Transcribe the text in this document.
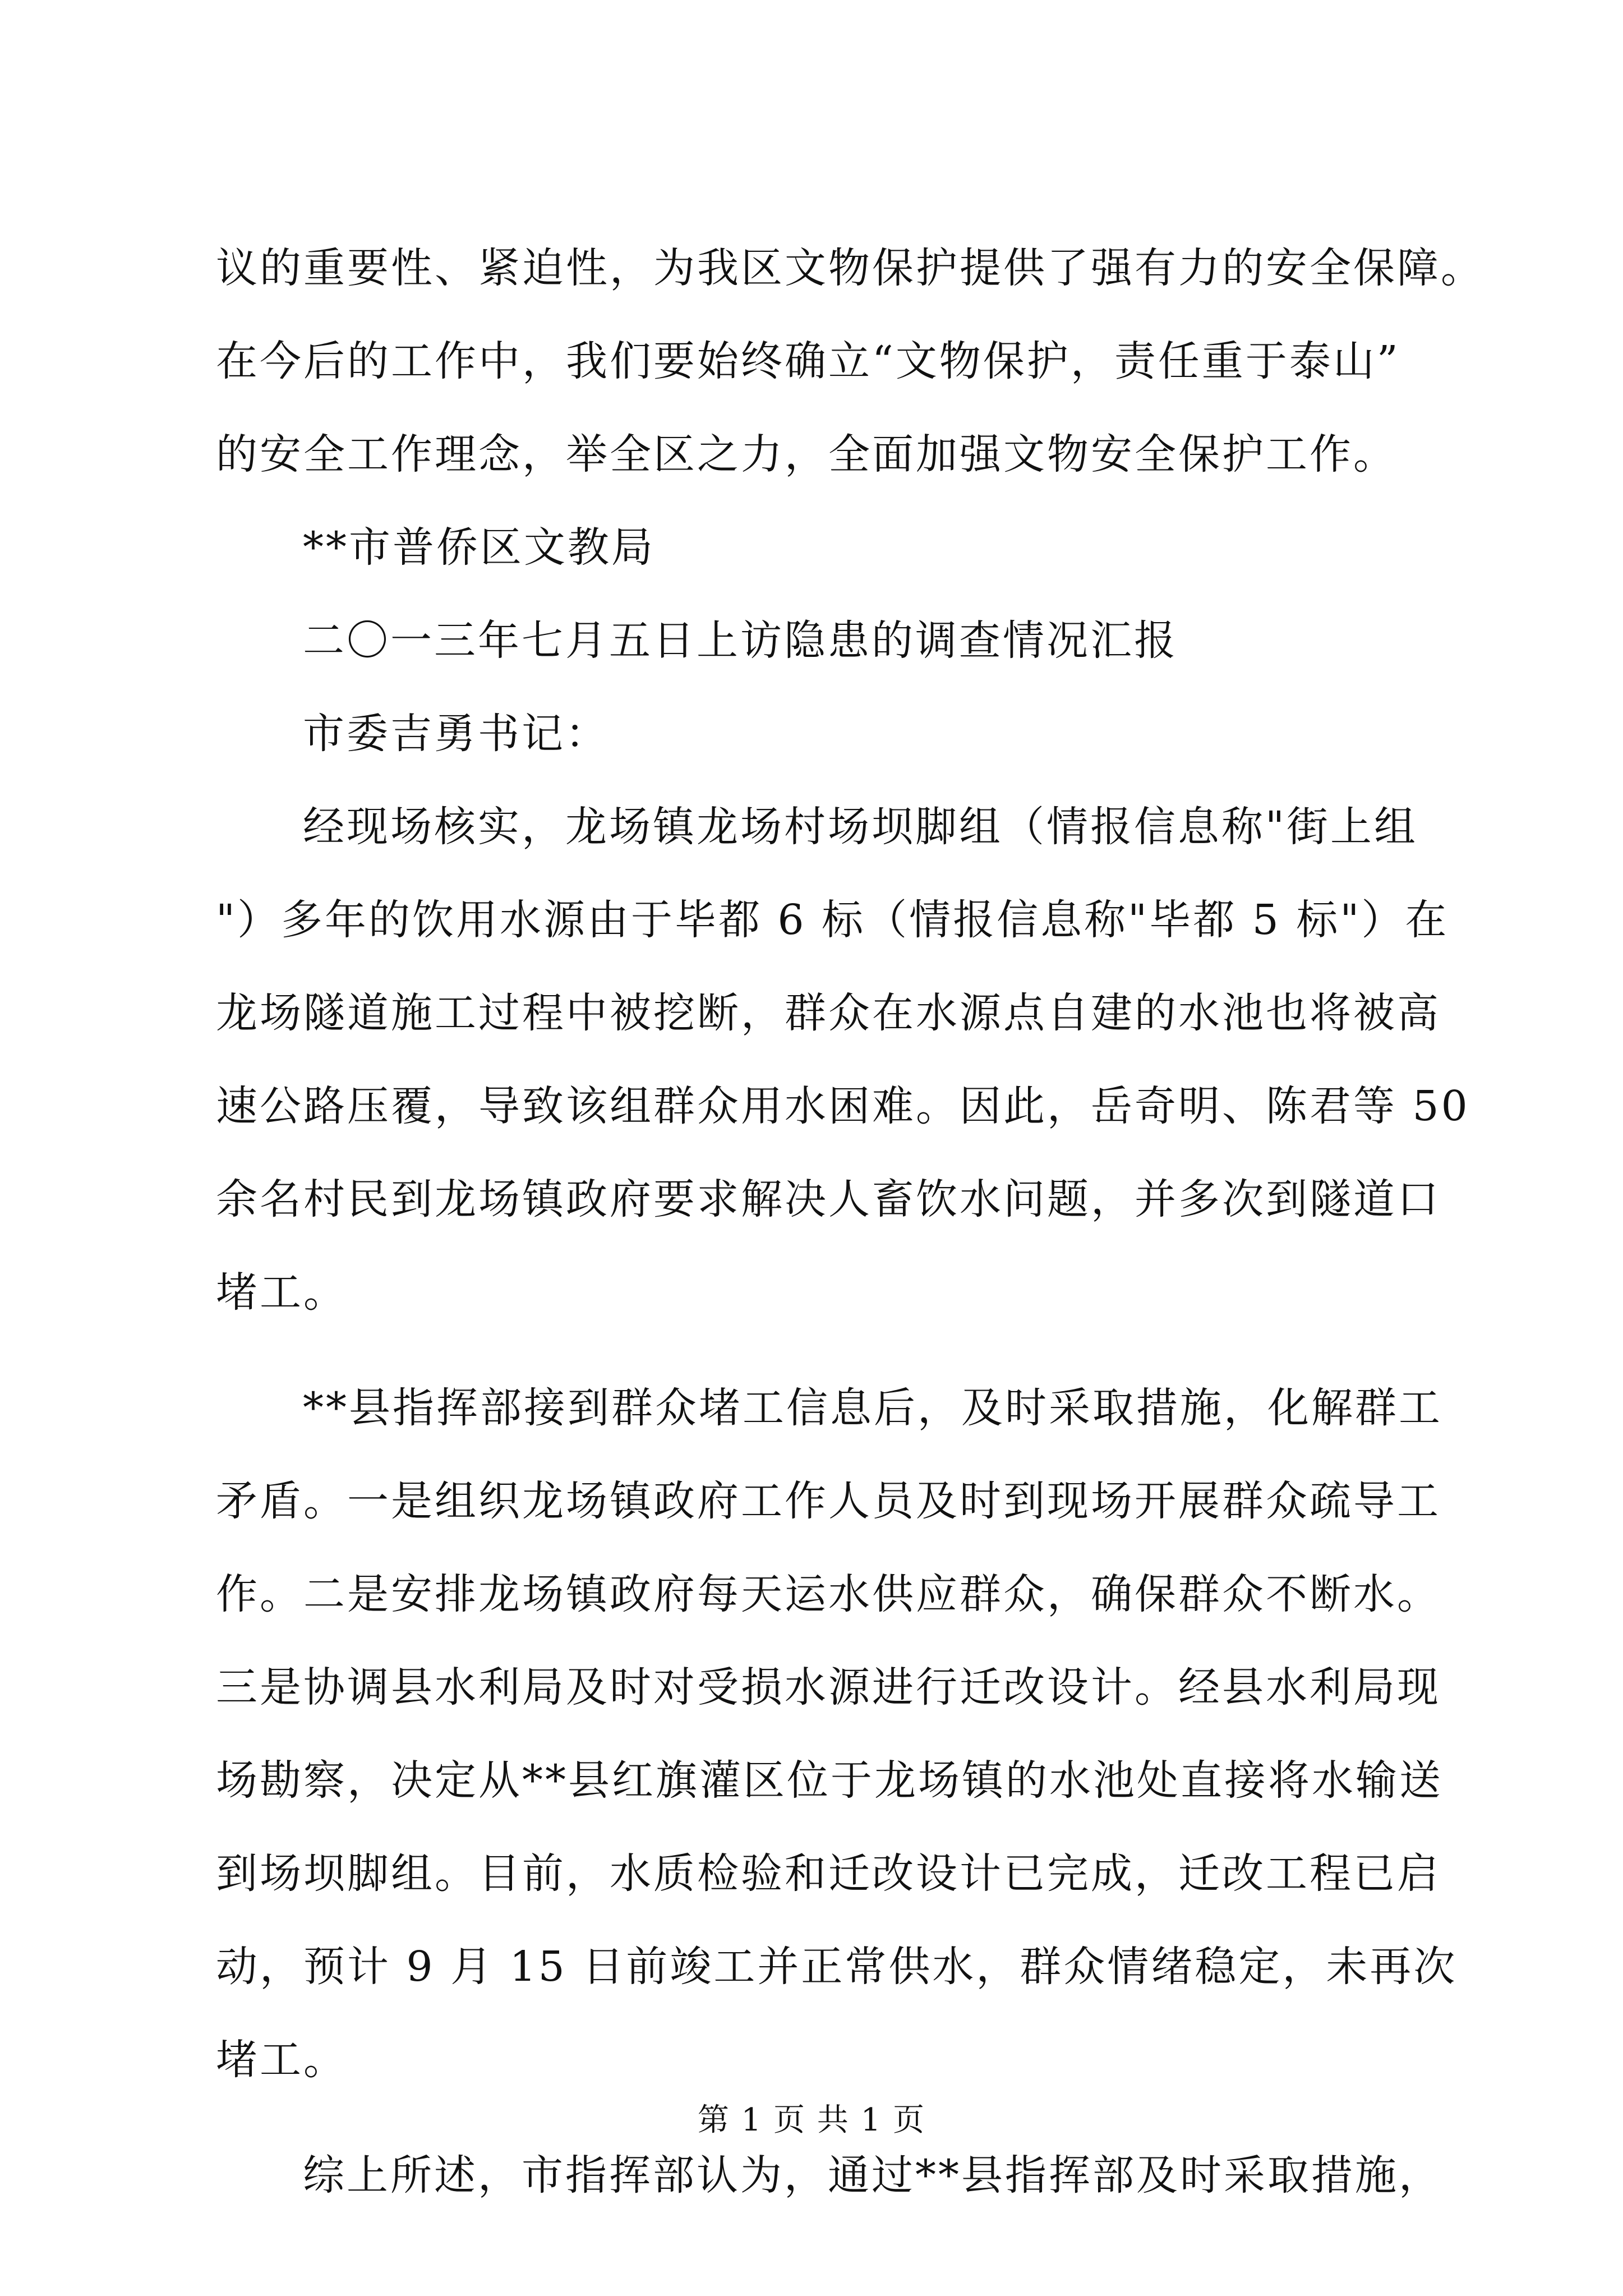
议的重要性、紧迫性，为我区文物保护提供了强有力的安全保障。
在今后的工作中，我们要始终确立“文物保护，责任重于泰山”
的安全工作理念，举全区之力，全面加强文物安全保护工作。
**市普侨区文教局
二〇一三年七月五日上访隐患的调查情况汇报
市委吉勇书记：
经现场核实，龙场镇龙场村场坝脚组（情报信息称"街上组
"）多年的饮用水源由于毕都 6 标（情报信息称"毕都 5 标"）在
龙场隧道施工过程中被挖断，群众在水源点自建的水池也将被高
速公路压覆，导致该组群众用水困难。因此，岳奇明、陈君等 50
余名村民到龙场镇政府要求解决人畜饮水问题，并多次到隧道口
堵工。
**县指挥部接到群众堵工信息后，及时采取措施，化解群工
矛盾。一是组织龙场镇政府工作人员及时到现场开展群众疏导工
作。二是安排龙场镇政府每天运水供应群众，确保群众不断水。
三是协调县水利局及时对受损水源进行迁改设计。经县水利局现
场勘察，决定从**县红旗灌区位于龙场镇的水池处直接将水输送
到场坝脚组。目前，水质检验和迁改设计已完成，迁改工程已启
动，预计 9 月 15 日前竣工并正常供水，群众情绪稳定，未再次
堵工。
综上所述，市指挥部认为，通过**县指挥部及时采取措施，
第 1 页 共 1 页
